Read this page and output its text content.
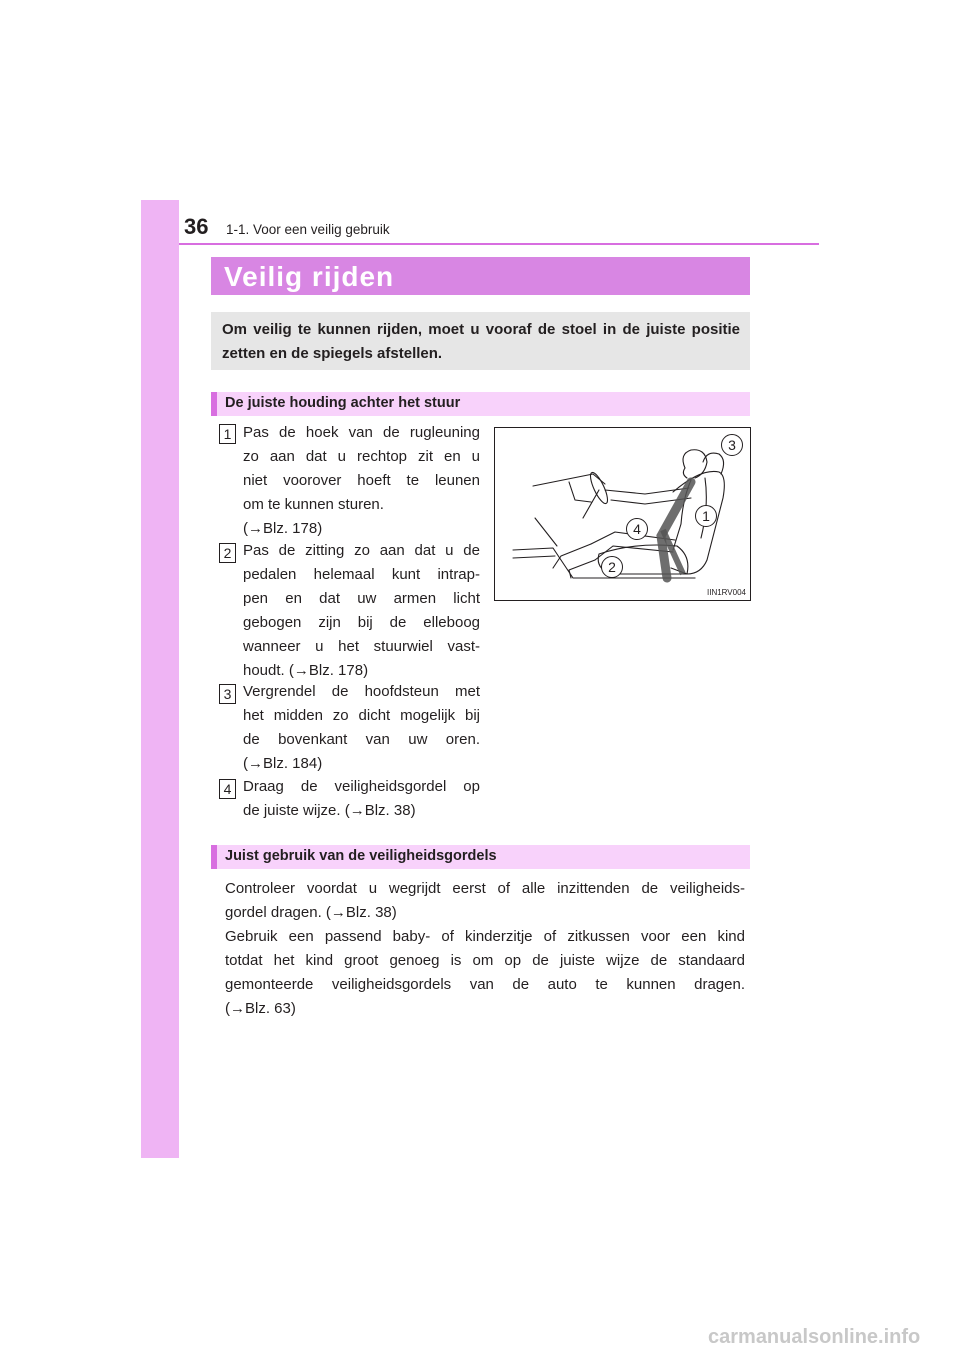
36 1-1. Voor een veilig gebruik
Veilig rijden
Om veilig te kunnen rijden, moet u vooraf de stoel in de juiste positie zetten en de spiegels afstellen.
De juiste houding achter het stuur
1 Pas de hoek van de rugleuning
zo aan dat u rechtop zit en u
niet voorover hoeft te leunen
om te kunnen sturen.
(→Blz. 178)
2 Pas de zitting zo aan dat u de
pedalen helemaal kunt intrap-
pen en dat uw armen licht
gebogen zijn bij de elleboog
wanneer u het stuurwiel vast-
houdt. (→Blz. 178)
3 Vergrendel de hoofdsteun met
het midden zo dicht mogelijk bij
de bovenkant van uw oren.
(→Blz. 184)
4 Draag de veiligheidsgordel op
de juiste wijze. (→Blz. 38)
3
1
4
2
IIN1RV004
Juist gebruik van de veiligheidsgordels
Controleer voordat u wegrijdt eerst of alle inzittenden de veiligheids-
gordel dragen. (→Blz. 38)
Gebruik een passend baby- of kinderzitje of zitkussen voor een kind
totdat het kind groot genoeg is om op de juiste wijze de standaard
gemonteerde veiligheidsgordels van de auto te kunnen dragen.
(→Blz. 63)
carmanualsonline.info
